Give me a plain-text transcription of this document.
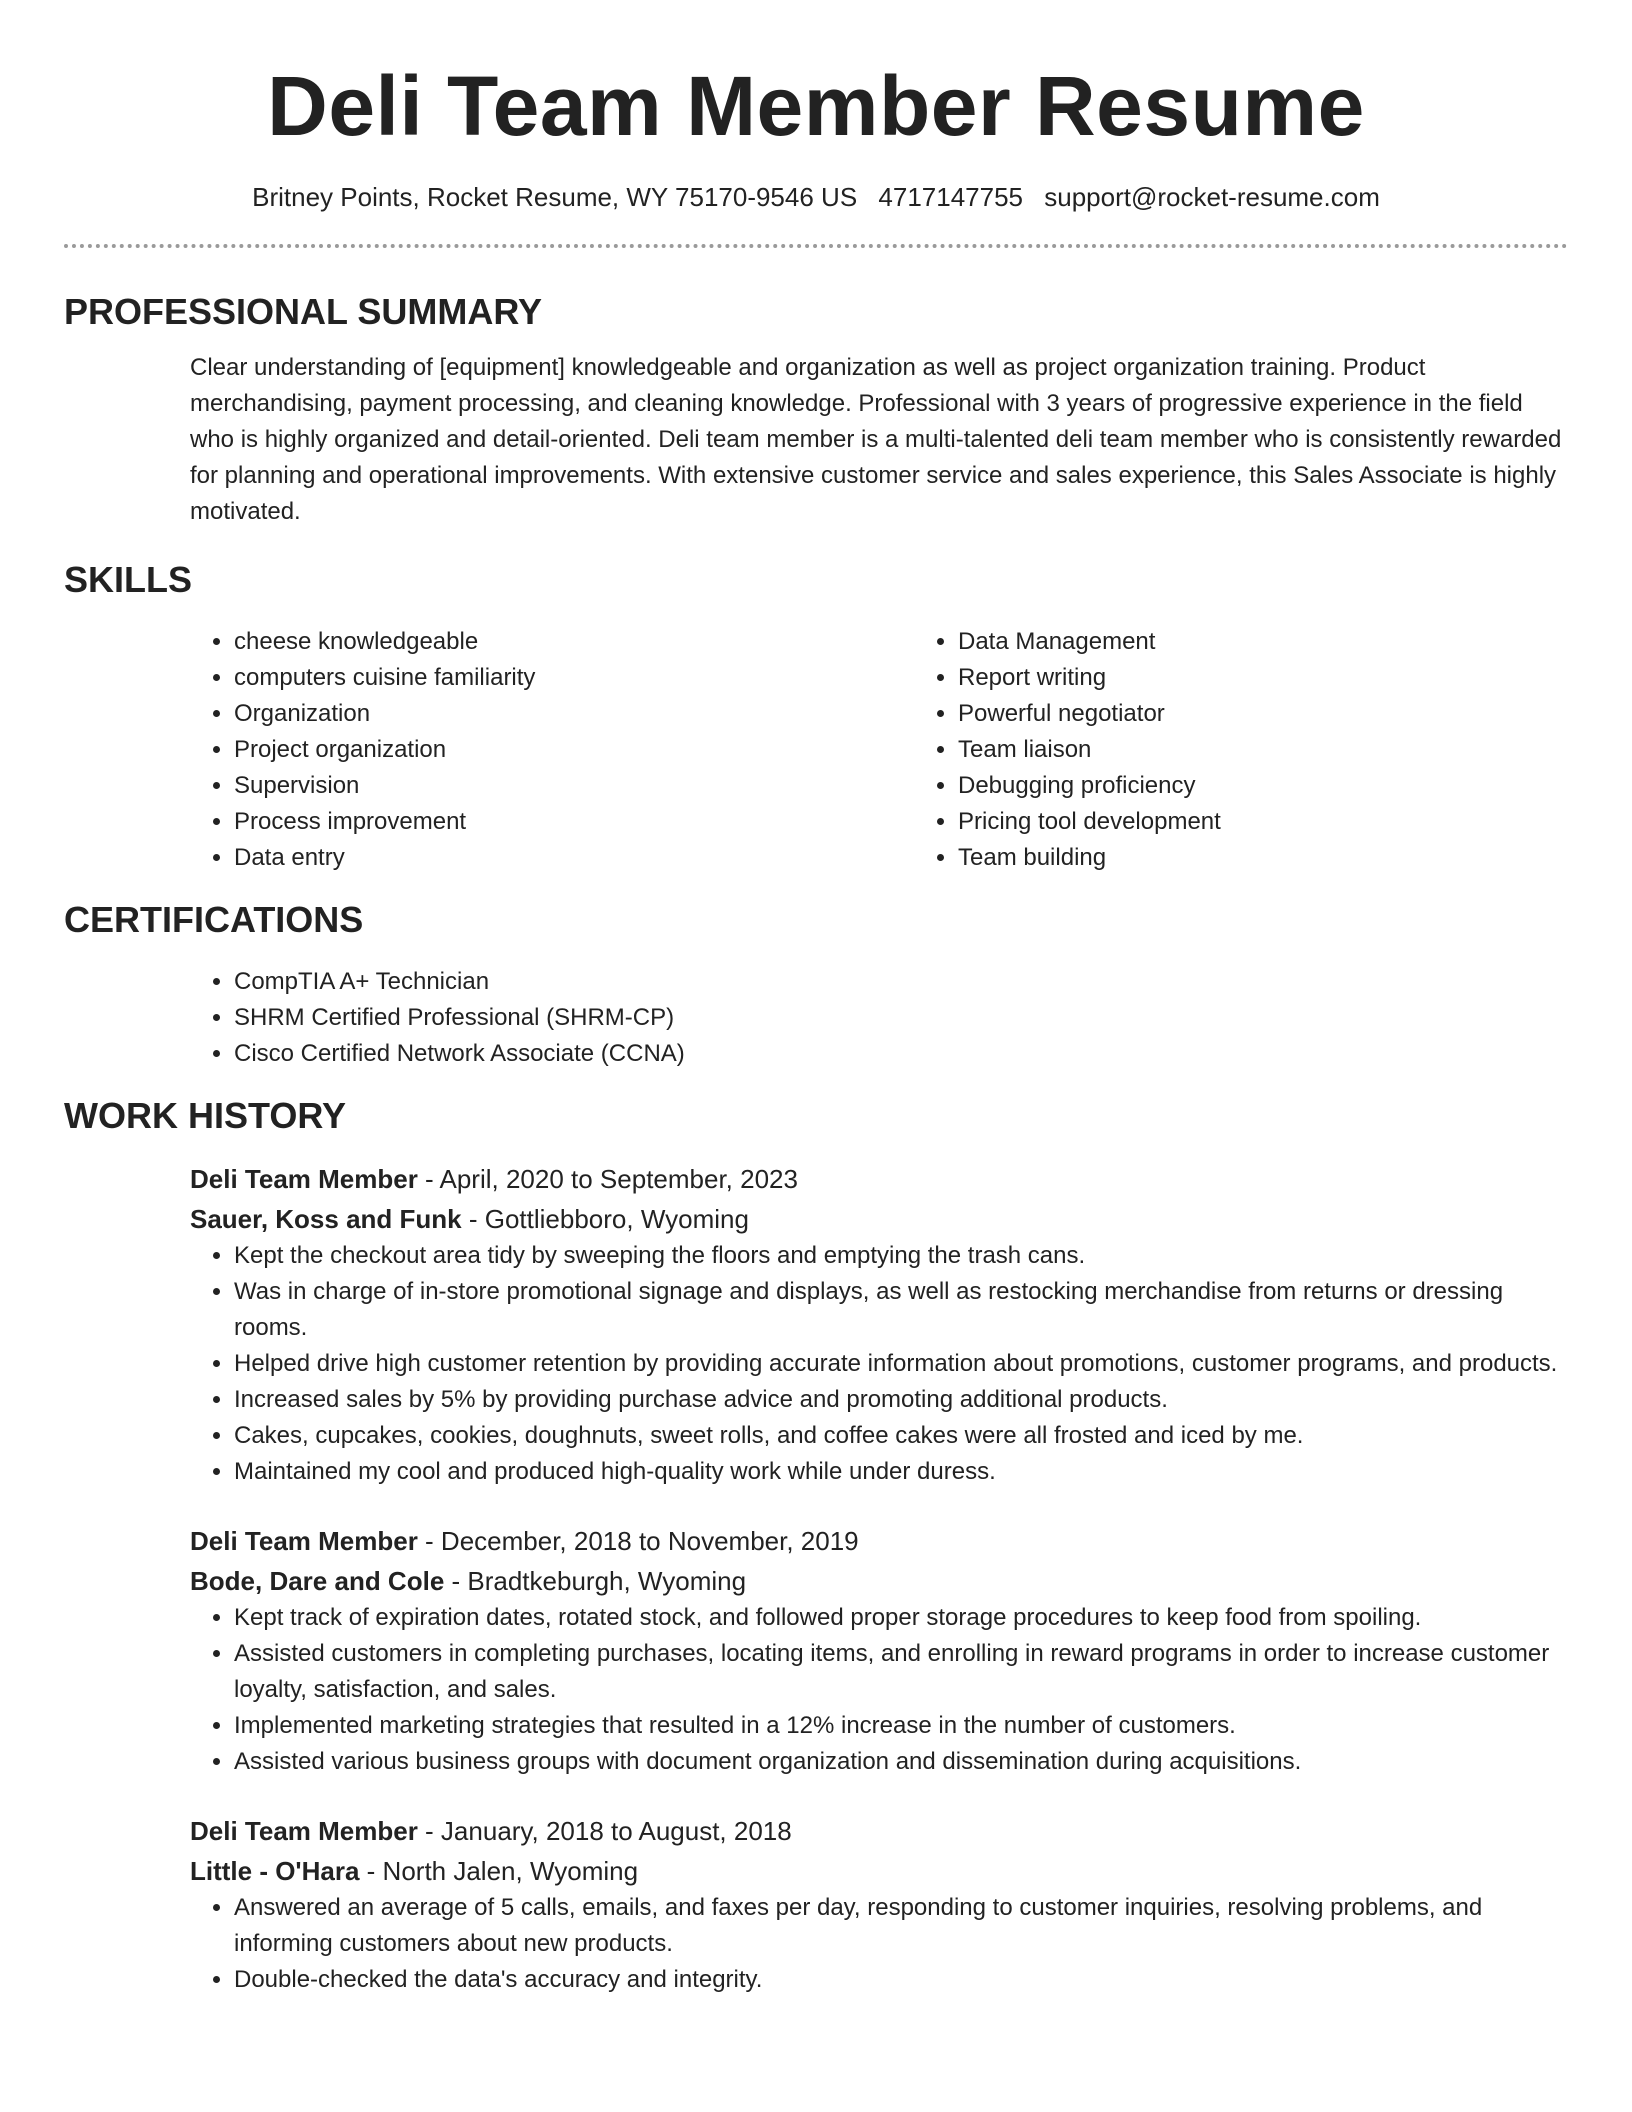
Deli Team Member Resume
Britney Points, Rocket Resume, WY 75170-9546 US 4717147755 support@rocket-resume.com
PROFESSIONAL SUMMARY
Clear understanding of [equipment] knowledgeable and organization as well as project organization training. Product merchandising, payment processing, and cleaning knowledge. Professional with 3 years of progressive experience in the field who is highly organized and detail-oriented. Deli team member is a multi-talented deli team member who is consistently rewarded for planning and operational improvements. With extensive customer service and sales experience, this Sales Associate is highly motivated.
SKILLS
• cheese knowledgeable
• computers cuisine familiarity
• Organization
• Project organization
• Supervision
• Process improvement
• Data entry
• Data Management
• Report writing
• Powerful negotiator
• Team liaison
• Debugging proficiency
• Pricing tool development
• Team building
CERTIFICATIONS
• CompTIA A+ Technician
• SHRM Certified Professional (SHRM-CP)
• Cisco Certified Network Associate (CCNA)
WORK HISTORY
Deli Team Member - April, 2020 to September, 2023
Sauer, Koss and Funk - Gottliebboro, Wyoming
• Kept the checkout area tidy by sweeping the floors and emptying the trash cans.
• Was in charge of in-store promotional signage and displays, as well as restocking merchandise from returns or dressing rooms.
• Helped drive high customer retention by providing accurate information about promotions, customer programs, and products.
• Increased sales by 5% by providing purchase advice and promoting additional products.
• Cakes, cupcakes, cookies, doughnuts, sweet rolls, and coffee cakes were all frosted and iced by me.
• Maintained my cool and produced high-quality work while under duress.
Deli Team Member - December, 2018 to November, 2019
Bode, Dare and Cole - Bradtkeburgh, Wyoming
• Kept track of expiration dates, rotated stock, and followed proper storage procedures to keep food from spoiling.
• Assisted customers in completing purchases, locating items, and enrolling in reward programs in order to increase customer loyalty, satisfaction, and sales.
• Implemented marketing strategies that resulted in a 12% increase in the number of customers.
• Assisted various business groups with document organization and dissemination during acquisitions.
Deli Team Member - January, 2018 to August, 2018
Little - O'Hara - North Jalen, Wyoming
• Answered an average of 5 calls, emails, and faxes per day, responding to customer inquiries, resolving problems, and informing customers about new products.
• Double-checked the data's accuracy and integrity.
